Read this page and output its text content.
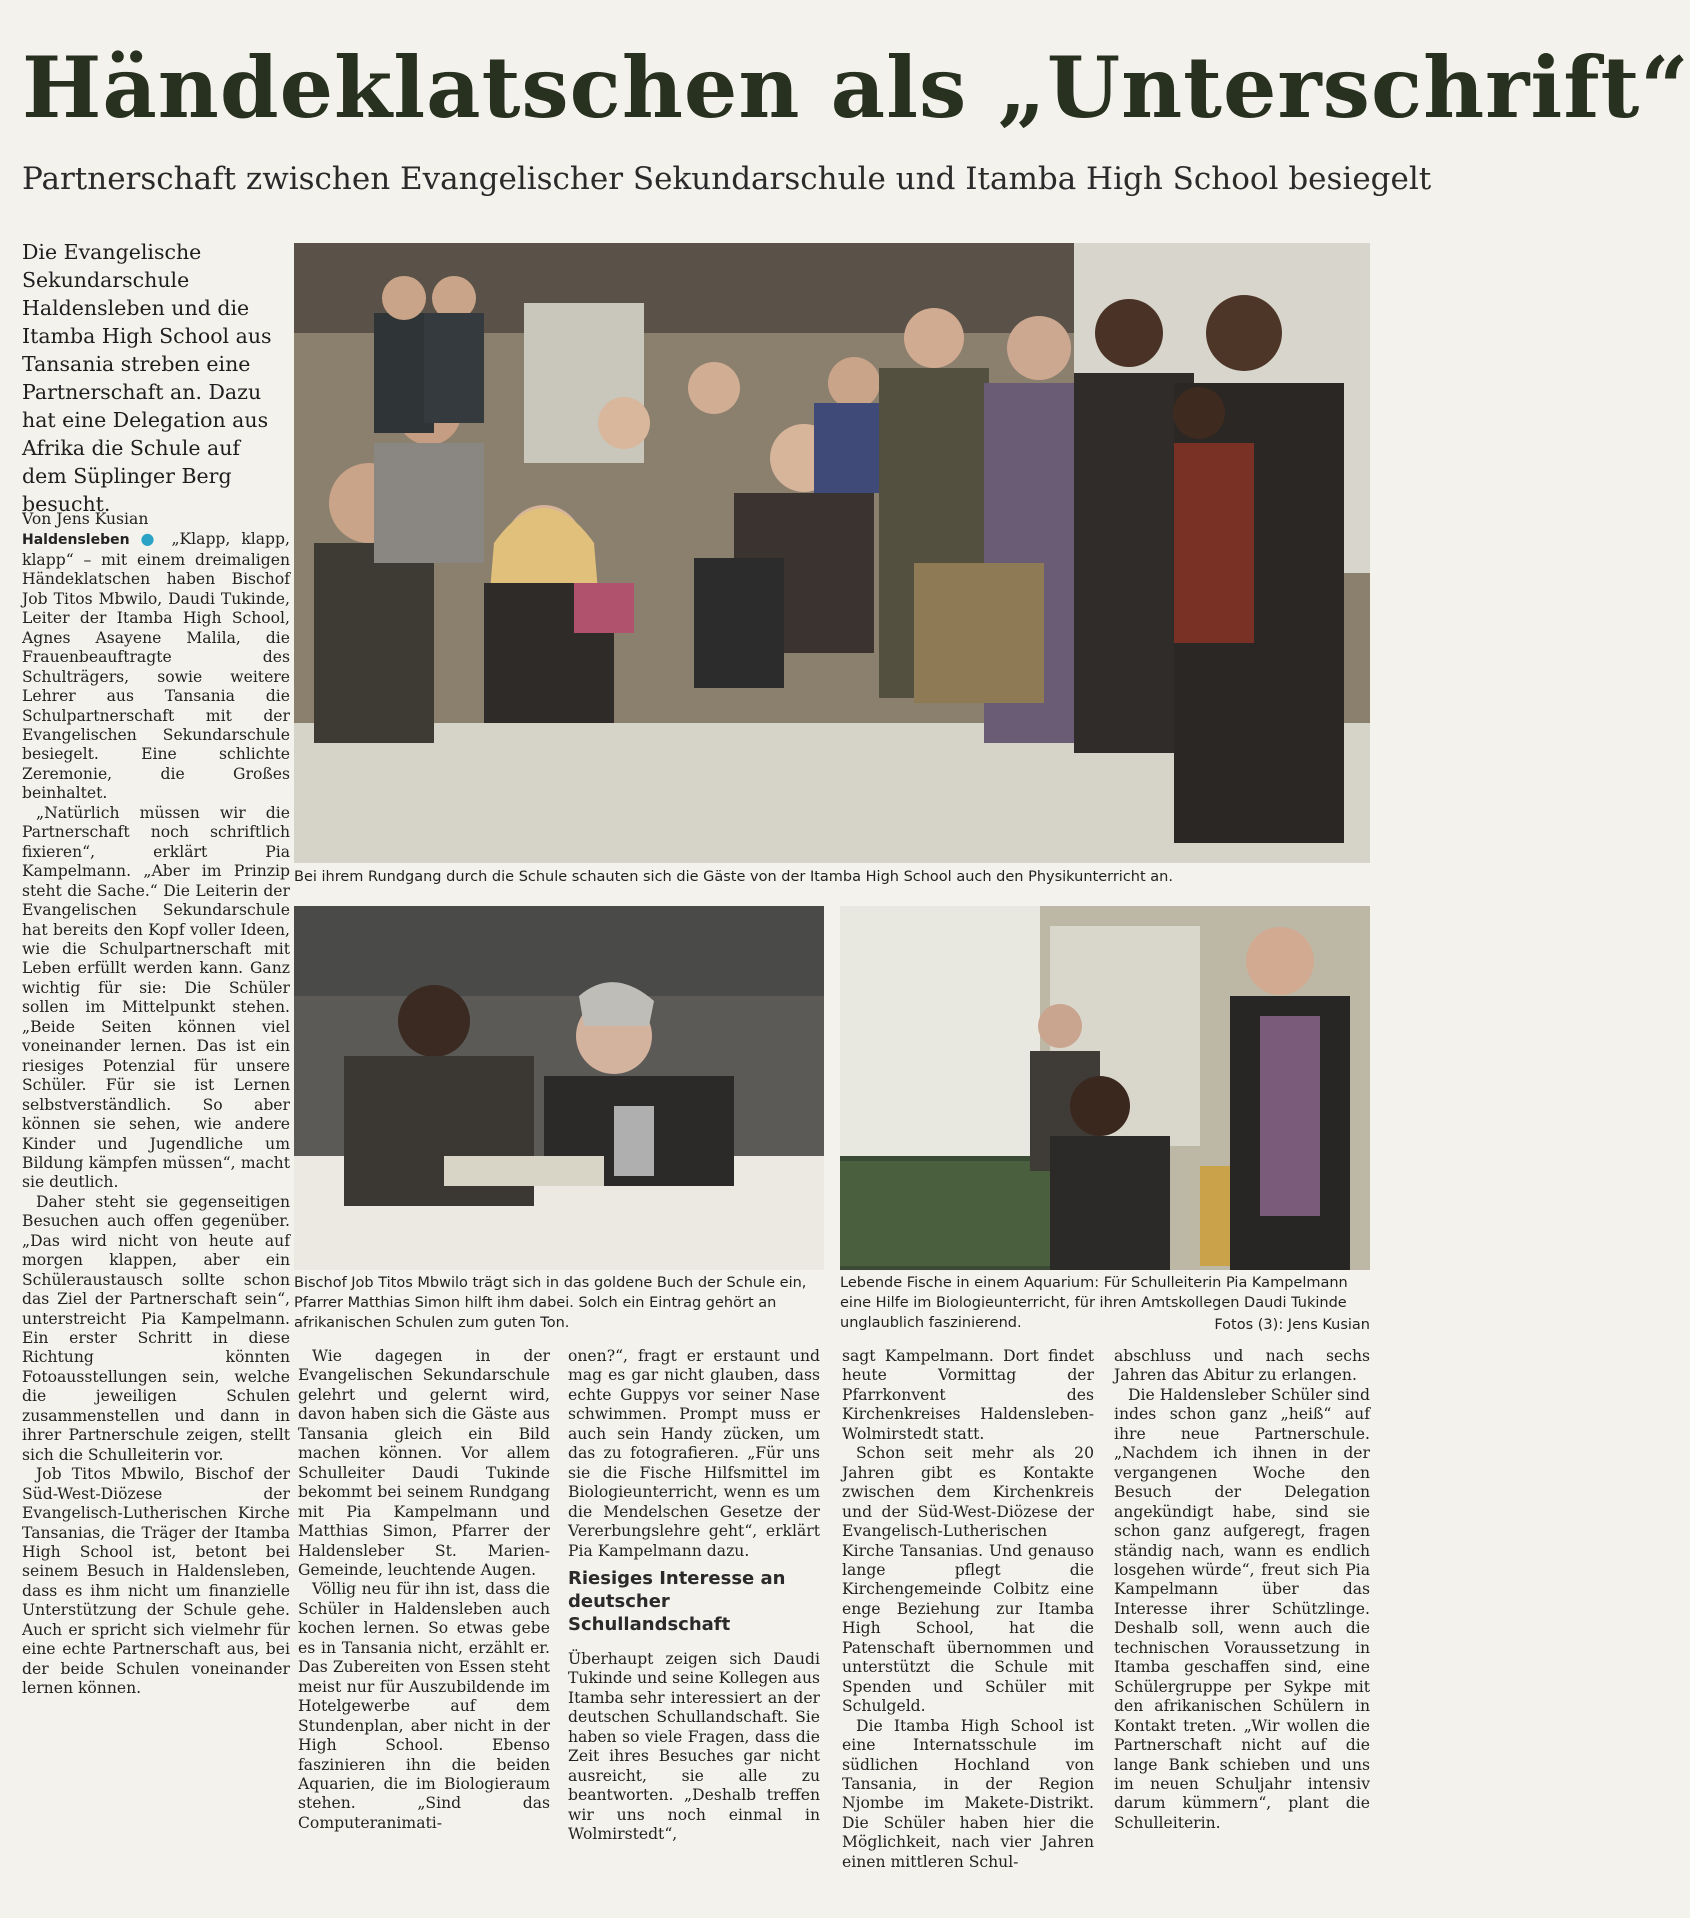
Händeklatschen als „Unterschrift“
Partnerschaft zwischen Evangelischer Sekundarschule und Itamba High School besiegelt
Die Evangelische Sekundarschule Haldensleben und die Itamba High School aus Tansania streben eine Partnerschaft an. Dazu hat eine Delegation aus Afrika die Schule auf dem Süplinger Berg besucht.

Von Jens Kusian

Haldensleben ● „Klapp, klapp, klapp“ – mit einem dreimaligen Händeklatschen haben Bischof Job Titos Mbwilo, Daudi Tukinde, Leiter der Itamba High School, Agnes Asayene Malila, die Frauenbeauftragte des Schulträgers, sowie weitere Lehrer aus Tansania die Schulpartnerschaft mit der Evangelischen Sekundarschule besiegelt. Eine schlichte Zeremonie, die Großes beinhaltet.

„Natürlich müssen wir die Partnerschaft noch schriftlich fixieren“, erklärt Pia Kampelmann. „Aber im Prinzip steht die Sache.“ Die Leiterin der Evangelischen Sekundarschule hat bereits den Kopf voller Ideen, wie die Schulpartnerschaft mit Leben erfüllt werden kann. Ganz wichtig für sie: Die Schüler sollen im Mittelpunkt stehen. „Beide Seiten können viel voneinander lernen. Das ist ein riesiges Potenzial für unsere Schüler. Für sie ist Lernen selbstverständlich. So aber können sie sehen, wie andere Kinder und Jugendliche um Bildung kämpfen müssen“, macht sie deutlich.

Daher steht sie gegenseitigen Besuchen auch offen gegenüber. „Das wird nicht von heute auf morgen klappen, aber ein Schüleraustausch sollte schon das Ziel der Partnerschaft sein“, unterstreicht Pia Kampelmann. Ein erster Schritt in diese Richtung könnten Fotoausstellungen sein, welche die jeweiligen Schulen zusammenstellen und dann in ihrer Partnerschule zeigen, stellt sich die Schulleiterin vor.

Job Titos Mbwilo, Bischof der Süd-West-Diözese der Evangelisch-Lutherischen Kirche Tansanias, die Träger der Itamba High School ist, betont bei seinem Besuch in Haldensleben, dass es ihm nicht um finanzielle Unterstützung der Schule gehe. Auch er spricht sich vielmehr für eine echte Partnerschaft aus, bei der beide Schulen voneinander lernen können.

Bei ihrem Rundgang durch die Schule schauten sich die Gäste von der Itamba High School auch den Physikunterricht an.
Bischof Job Titos Mbwilo trägt sich in das goldene Buch der Schule ein, Pfarrer Matthias Simon hilft ihm dabei. Solch ein Eintrag gehört an afrikanischen Schulen zum guten Ton.
Lebende Fische in einem Aquarium: Für Schulleiterin Pia Kampelmann eine Hilfe im Biologieunterricht, für ihren Amtskollegen Daudi Tukinde unglaublich faszinierend.	Fotos (3): Jens Kusian

Wie dagegen in der Evangelischen Sekundarschule gelehrt und gelernt wird, davon haben sich die Gäste aus Tansania gleich ein Bild machen können. Vor allem Schulleiter Daudi Tukinde bekommt bei seinem Rundgang mit Pia Kampelmann und Matthias Simon, Pfarrer der Haldensleber St. Marien-Gemeinde, leuchtende Augen.

Völlig neu für ihn ist, dass die Schüler in Haldensleben auch kochen lernen. So etwas gebe es in Tansania nicht, erzählt er. Das Zubereiten von Essen steht meist nur für Auszubildende im Hotelgewerbe auf dem Stundenplan, aber nicht in der High School. Ebenso faszinieren ihn die beiden Aquarien, die im Biologieraum stehen. „Sind das Computeranimati-

onen?“, fragt er erstaunt und mag es gar nicht glauben, dass echte Guppys vor seiner Nase schwimmen. Prompt muss er auch sein Handy zücken, um das zu fotografieren. „Für uns sie die Fische Hilfsmittel im Biologieunterricht, wenn es um die Mendelschen Gesetze der Vererbungslehre geht“, erklärt Pia Kampelmann dazu.

Riesiges Interesse an deutscher Schullandschaft

Überhaupt zeigen sich Daudi Tukinde und seine Kollegen aus Itamba sehr interessiert an der deutschen Schullandschaft. Sie haben so viele Fragen, dass die Zeit ihres Besuches gar nicht ausreicht, sie alle zu beantworten. „Deshalb treffen wir uns noch einmal in Wolmirstedt“,

sagt Kampelmann. Dort findet heute Vormittag der Pfarrkonvent des Kirchenkreises Haldensleben-Wolmirstedt statt.

Schon seit mehr als 20 Jahren gibt es Kontakte zwischen dem Kirchenkreis und der Süd-West-Diözese der Evangelisch-Lutherischen Kirche Tansanias. Und genauso lange pflegt die Kirchengemeinde Colbitz eine enge Beziehung zur Itamba High School, hat die Patenschaft übernommen und unterstützt die Schule mit Spenden und Schüler mit Schulgeld.

Die Itamba High School ist eine Internatsschule im südlichen Hochland von Tansania, in der Region Njombe im Makete-Distrikt. Die Schüler haben hier die Möglichkeit, nach vier Jahren einen mittleren Schul-

abschluss und nach sechs Jahren das Abitur zu erlangen.

Die Haldensleber Schüler sind indes schon ganz „heiß“ auf ihre neue Partnerschule. „Nachdem ich ihnen in der vergangenen Woche den Besuch der Delegation angekündigt habe, sind sie schon ganz aufgeregt, fragen ständig nach, wann es endlich losgehen würde“, freut sich Pia Kampelmann über das Interesse ihrer Schützlinge. Deshalb soll, wenn auch die technischen Voraussetzung in Itamba geschaffen sind, eine Schülergruppe per Sykpe mit den afrikanischen Schülern in Kontakt treten. „Wir wollen die Partnerschaft nicht auf die lange Bank schieben und uns im neuen Schuljahr intensiv darum kümmern“, plant die Schulleiterin.
